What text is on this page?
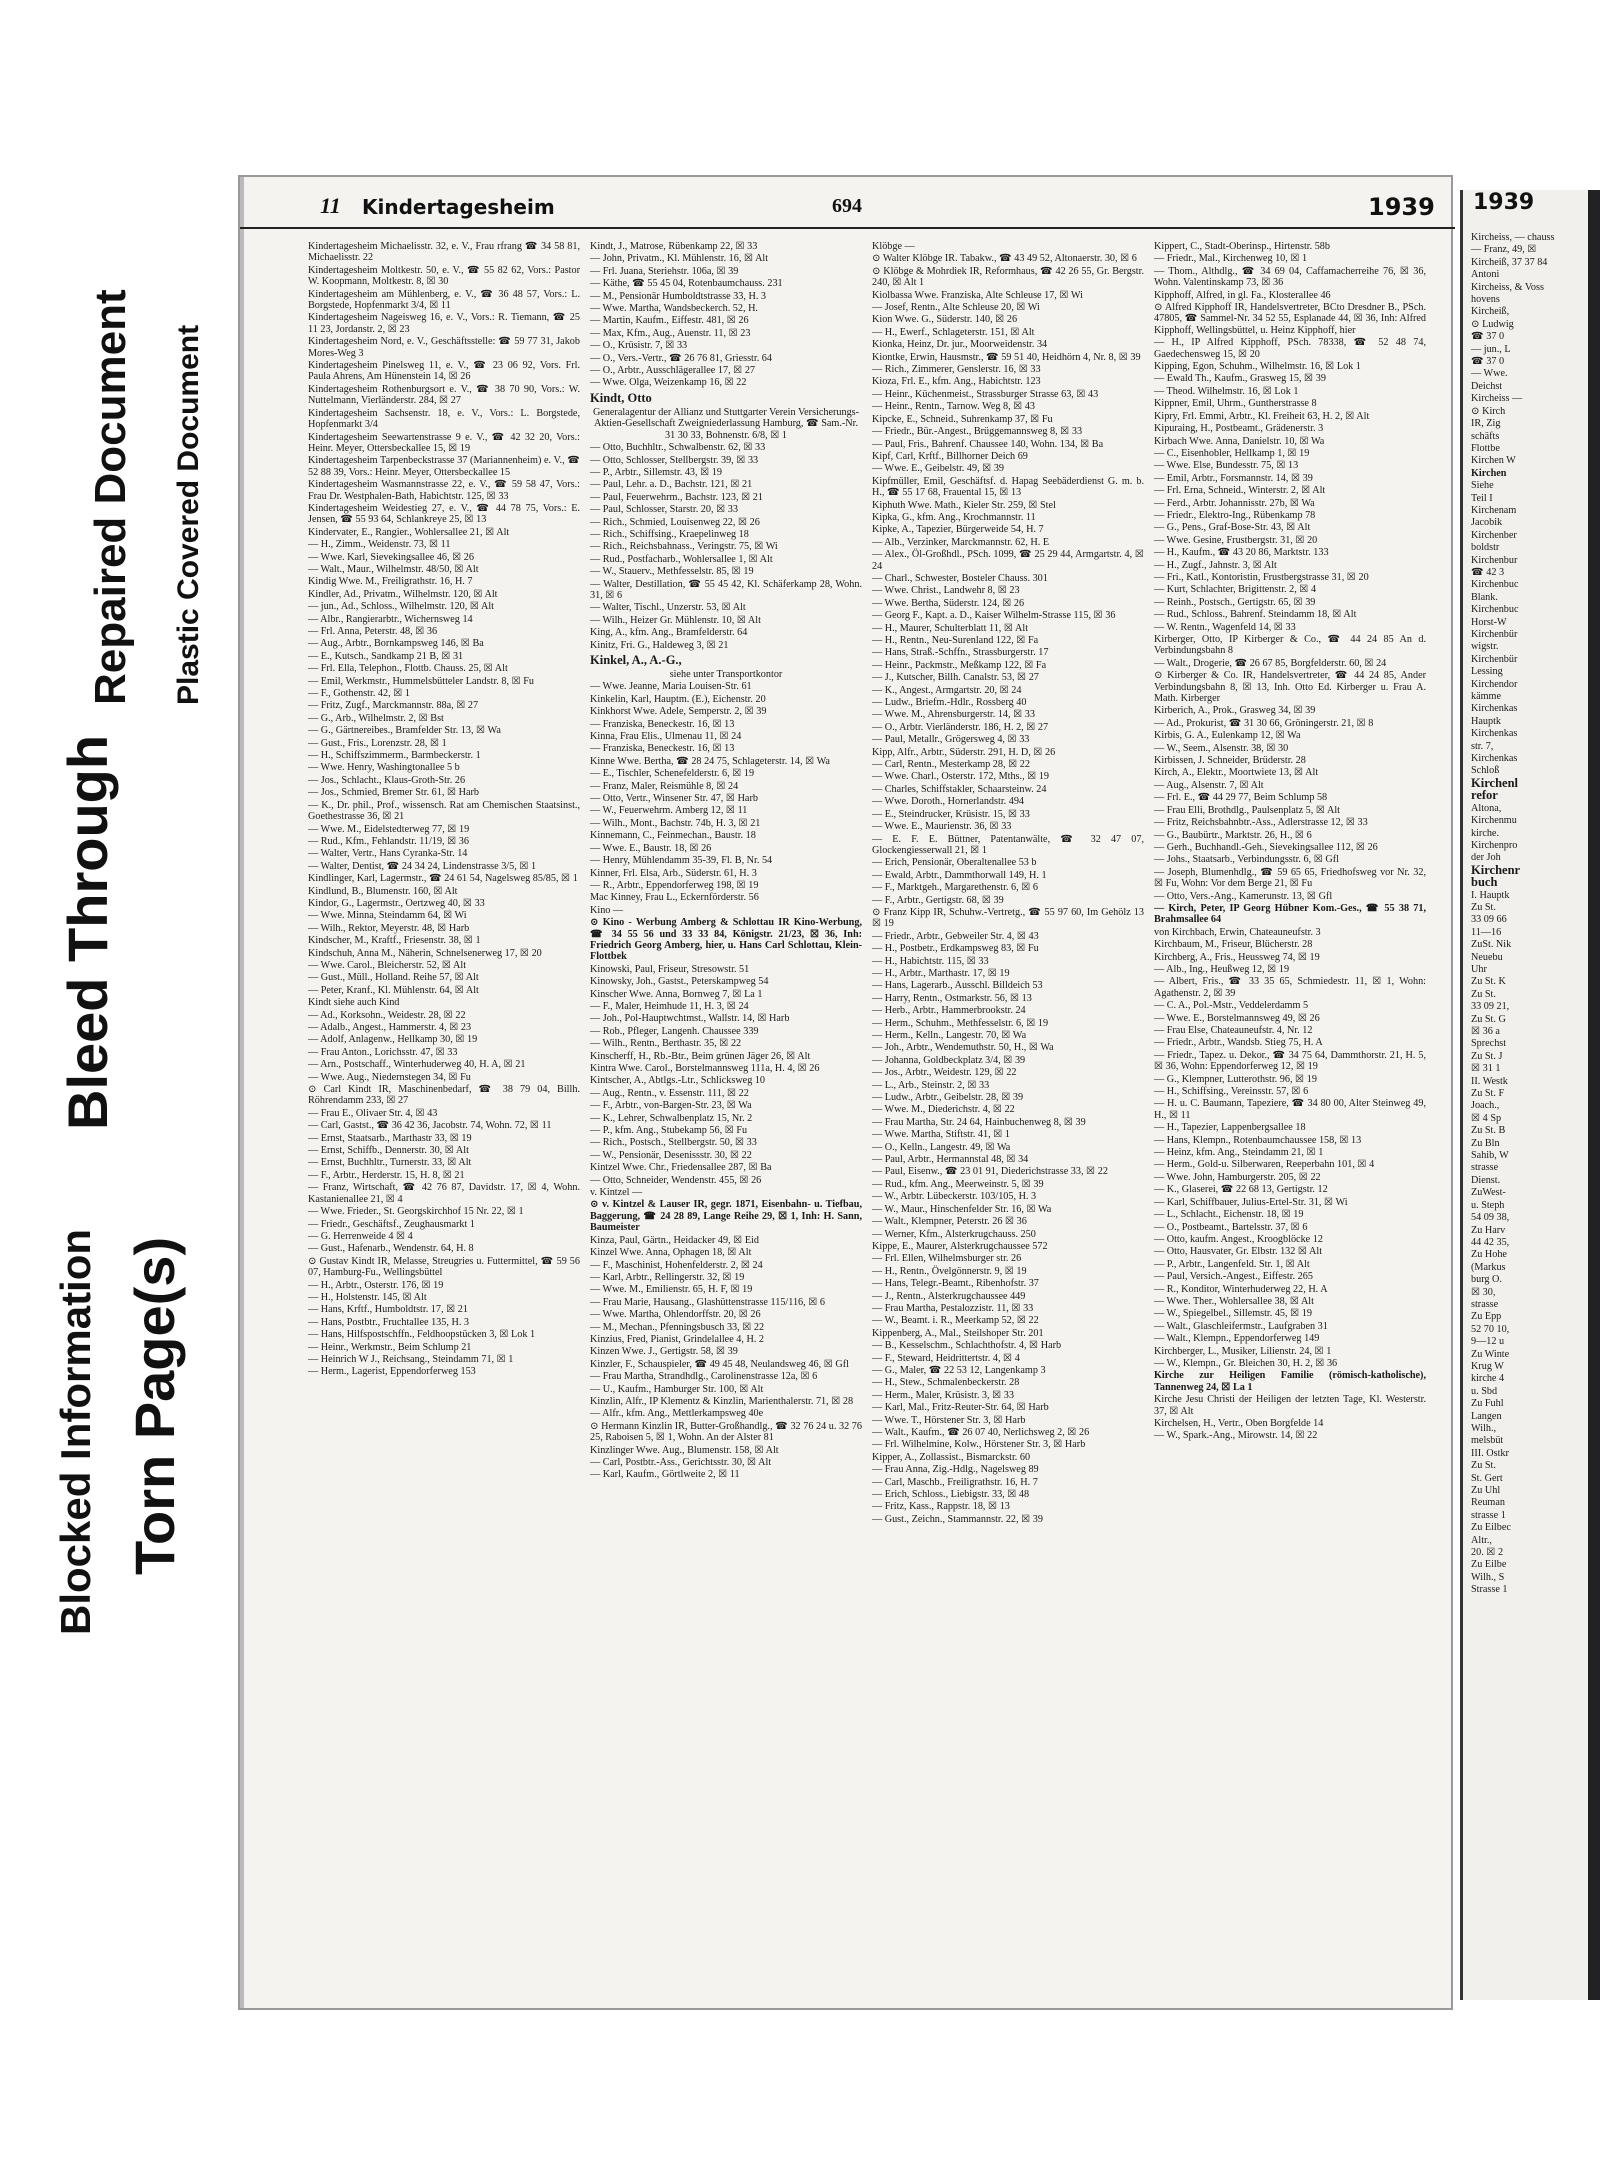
Blocked Information Torn Page(s)
Bleed Through
Repaired Document Plastic Covered Document
11 Kindertagesheim	694	1939

Kindertagesheim Michaelisstr. 32, e. V., Frau rfrang ☎ 34 58 81, Michaelisstr. 22

Kindertagesheim Moltkestr. 50, e. V., ☎ 55 82 62, Vors.: Pastor W. Koopmann, Moltkestr. 8, ☒ 30

Kindertagesheim am Mühlenberg, e. V., ☎ 36 48 57, Vors.: L. Borgstede, Hopfenmarkt 3/4, ☒ 11

Kindertagesheim Nageisweg 16, e. V., Vors.: R. Tiemann, ☎ 25 11 23, Jordanstr. 2, ☒ 23

Kindertagesheim Nord, e. V., Geschäftsstelle: ☎ 59 77 31, Jakob Mores-Weg 3

Kindertagesheim Pinelsweg 11, e. V., ☎ 23 06 92, Vors. Frl. Paula Ahrens, Am Hünenstein 14, ☒ 26

Kindertagesheim Rothenburgsort e. V., ☎ 38 70 90, Vors.: W. Nuttelmann, Vierländerstr. 284, ☒ 27

Kindertagesheim Sachsenstr. 18, e. V., Vors.: L. Borgstede, Hopfenmarkt 3/4

Kindertagesheim Seewartenstrasse 9 e. V., ☎ 42 32 20, Vors.: Heinr. Meyer, Ottersbeckallee 15, ☒ 19

Kindertagesheim Tarpenbeckstrasse 37 (Mariannenheim) e. V., ☎ 52 88 39, Vors.: Heinr. Meyer, Ottersbeckallee 15

Kindertagesheim Wasmannstrasse 22, e. V., ☎ 59 58 47, Vors.: Frau Dr. Westphalen-Bath, Habichtstr. 125, ☒ 33

Kindertagesheim Weidestieg 27, e. V., ☎ 44 78 75, Vors.: E. Jensen, ☎ 55 93 64, Schlankreye 25, ☒ 13

Kindervater, E., Rangier., Wohlersallee 21, ☒ Alt

— H., Zimm., Weidenstr. 73, ☒ 11

— Wwe. Karl, Sievekingsallee 46, ☒ 26

— Walt., Maur., Wilhelmstr. 48/50, ☒ Alt

Kindig Wwe. M., Freiligrathstr. 16, H. 7

Kindler, Ad., Privatm., Wilhelmstr. 120, ☒ Alt

— jun., Ad., Schloss., Wilhelmstr. 120, ☒ Alt

— Albr., Rangierarbtr., Wichernsweg 14

— Frl. Anna, Peterstr. 48, ☒ 36

— Aug., Arbtr., Bornkampsweg 146, ☒ Ba

— E., Kutsch., Sandkamp 21 B, ☒ 31

— Frl. Ella, Telephon., Flottb. Chauss. 25, ☒ Alt

— Emil, Werkmstr., Hummelsbütteler Landstr. 8, ☒ Fu

— F., Gothenstr. 42, ☒ 1

— Fritz, Zugf., Marckmannstr. 88a, ☒ 27

— G., Arb., Wilhelmstr. 2, ☒ Bst

— G., Gärtnereibes., Bramfelder Str. 13, ☒ Wa

— Gust., Fris., Lorenzstr. 28, ☒ 1

— H., Schiffszimmerm., Barmbeckerstr. 1

— Wwe. Henry, Washingtonallee 5 b

— Jos., Schlacht., Klaus-Groth-Str. 26

— Jos., Schmied, Bremer Str. 61, ☒ Harb

— K., Dr. phil., Prof., wissensch. Rat am Chemischen Staatsinst., Goethestrasse 36, ☒ 21

— Wwe. M., Eidelstedterweg 77, ☒ 19

— Rud., Kfm., Fehlandstr. 11/19, ☒ 36

— Walter, Vertr., Hans Cyranka-Str. 14

— Walter, Dentist, ☎ 24 34 24, Lindenstrasse 3/5, ☒ 1

Kindlinger, Karl, Lagermstr., ☎ 24 61 54, Nagelsweg 85/85, ☒ 1

Kindlund, B., Blumenstr. 160, ☒ Alt

Kindor, G., Lagermstr., Oertzweg 40, ☒ 33

— Wwe. Minna, Steindamm 64, ☒ Wi

— Wilh., Rektor, Meyerstr. 48, ☒ Harb

Kindscher, M., Kraftf., Friesenstr. 38, ☒ 1

Kindschuh, Anna M., Näherin, Schnelsenerweg 17, ☒ 20

— Wwe. Carol., Bleicherstr. 52, ☒ Alt

— Gust., Müll., Holland. Reihe 57, ☒ Alt

— Peter, Kranf., Kl. Mühlenstr. 64, ☒ Alt

Kindt siehe auch Kind

— Ad., Korksohn., Weidestr. 28, ☒ 22

— Adalb., Angest., Hammerstr. 4, ☒ 23

— Adolf, Anlagenw., Hellkamp 30, ☒ 19

— Frau Anton., Lorichsstr. 47, ☒ 33

— Arn., Postschaff., Winterhuderweg 40, H. A, ☒ 21

— Wwe. Aug., Niedernstegen 34, ☒ Fu

⊙ Carl Kindt IR, Maschinenbedarf, ☎ 38 79 04, Billh. Röhrendamm 233, ☒ 27

— Frau E., Olivaer Str. 4, ☒ 43

— Carl, Gastst., ☎ 36 42 36, Jacobstr. 74, Wohn. 72, ☒ 11

— Ernst, Staatsarb., Marthastr 33, ☒ 19

— Ernst, Schiffb., Dennerstr. 30, ☒ Alt

— Ernst, Buchhltr., Turnerstr. 33, ☒ Alt

— F., Arbtr., Herderstr. 15, H. 8, ☒ 21

— Franz, Wirtschaft, ☎ 42 76 87, Davidstr. 17, ☒ 4, Wohn. Kastanienallee 21, ☒ 4

— Wwe. Frieder., St. Georgskirchhof 15 Nr. 22, ☒ 1

— Friedr., Geschäftsf., Zeughausmarkt 1

— G. Herrenweide 4 ☒ 4

— Gust., Hafenarb., Wendenstr. 64, H. 8

⊙ Gustav Kindt IR, Melasse, Streugries u. Futtermittel, ☎ 59 56 07, Hamburg-Fu., Wellingsbüttel

— H., Arbtr., Osterstr. 176, ☒ 19

— H., Holstenstr. 145, ☒ Alt

— Hans, Krftf., Humboldtstr. 17, ☒ 21

— Hans, Postbtr., Fruchtallee 135, H. 3

— Hans, Hilfspostschffn., Feldhoopstücken 3, ☒ Lok 1

— Heinr., Werkmstr., Beim Schlump 21

— Heinrich W J., Reichsang., Steindamm 71, ☒ 1

— Herm., Lagerist, Eppendorferweg 153

Kindt, J., Matrose, Rübenkamp 22, ☒ 33

— John, Privatm., Kl. Mühlenstr. 16, ☒ Alt

— Frl. Juana, Steriehstr. 106a, ☒ 39

— Käthe, ☎ 55 45 04, Rotenbaumchauss. 231

— M., Pensionär Humboldtstrasse 33, H. 3

— Wwe. Martha, Wandsbeckerch. 52, H.

— Martin, Kaufm., Eiffestr. 481, ☒ 26

— Max, Kfm., Aug., Auenstr. 11, ☒ 23

— O., Krüsistr. 7, ☒ 33

— O., Vers.-Vertr., ☎ 26 76 81, Griesstr. 64

— O., Arbtr., Ausschlägerallee 17, ☒ 27

— Wwe. Olga, Weizenkamp 16, ☒ 22

Kindt, Otto

Generalagentur der Allianz und Stuttgarter Verein Versicherungs-Aktien-Gesellschaft Zweigniederlassung Hamburg, ☎ Sam.-Nr. 31 30 33, Bohnenstr. 6/8, ☒ 1

— Otto, Buchhltr., Schwalbenstr. 62, ☒ 33

— Otto, Schlosser, Stellbergstr. 39, ☒ 33

— P., Arbtr., Sillemstr. 43, ☒ 19

— Paul, Lehr. a. D., Bachstr. 121, ☒ 21

— Paul, Feuerwehrm., Bachstr. 123, ☒ 21

— Paul, Schlosser, Starstr. 20, ☒ 33

— Rich., Schmied, Louisenweg 22, ☒ 26

— Rich., Schiffsing., Kraepelinweg 18

— Rich., Reichsbahnass., Veringstr. 75, ☒ Wi

— Rud., Postfacharb., Wohlersallee 1, ☒ Alt

— W., Stauerv., Methfesselstr. 85, ☒ 19

— Walter, Destillation, ☎ 55 45 42, Kl. Schäferkamp 28, Wohn. 31, ☒ 6

— Walter, Tischl., Unzerstr. 53, ☒ Alt

— Wilh., Heizer Gr. Mühlenstr. 10, ☒ Alt

King, A., kfm. Ang., Bramfelderstr. 64

Kinitz, Fri. G., Haldeweg 3, ☒ 21

Kinkel, A., A.-G.,

siehe unter Transportkontor

— Wwe. Jeanne, Maria Louisen-Str. 61

Kinkelin, Karl, Hauptm. (E.), Eichenstr. 20

Kinkhorst Wwe. Adele, Semperstr. 2, ☒ 39

— Franziska, Beneckestr. 16, ☒ 13

Kinna, Frau Elis., Ulmenau 11, ☒ 24

— Franziska, Beneckestr. 16, ☒ 13

Kinne Wwe. Bertha, ☎ 28 24 75, Schlageterstr. 14, ☒ Wa

— E., Tischler, Schenefelderstr. 6, ☒ 19

— Franz, Maler, Reismühle 8, ☒ 24

— Otto, Vertr., Winsener Str. 47, ☒ Harb

— W., Feuerwehrm. Amberg 12, ☒ 11

— Wilh., Mont., Bachstr. 74b, H. 3, ☒ 21

Kinnemann, C., Feinmechan., Baustr. 18

— Wwe. E., Baustr. 18, ☒ 26

— Henry, Mühlendamm 35-39, Fl. B, Nr. 54

Kinner, Frl. Elsa, Arb., Süderstr. 61, H. 3

— R., Arbtr., Eppendorferweg 198, ☒ 19

Mac Kinney, Frau L., Eckernförderstr. 56

Kino —

⊙ Kino - Werbung Amberg & Schlottau IR Kino-Werbung, ☎ 34 55 56 und 33 33 84, Königstr. 21/23, ☒ 36, Inh: Friedrich Georg Amberg, hier, u. Hans Carl Schlottau, Klein-Flottbek

Kinowski, Paul, Friseur, Stresowstr. 51

Kinowsky, Joh., Gastst., Peterskampweg 54

Kinscher Wwe. Anna, Bornweg 7, ☒ La 1

— F., Maler, Heimhude 11, H. 3, ☒ 24

— Joh., Pol-Hauptwchtmst., Wallstr. 14, ☒ Harb

— Rob., Pfleger, Langenh. Chaussee 339

— Wilh., Rentn., Berthastr. 35, ☒ 22

Kinscherff, H., Rb.-Btr., Beim grünen Jäger 26, ☒ Alt

Kintra Wwe. Carol., Borstelmannsweg 111a, H. 4, ☒ 26

Kintscher, A., Abtlgs.-Ltr., Schlicksweg 10

— Aug., Rentn., v. Essenstr. 111, ☒ 22

— F., Arbtr., von-Bargen-Str. 23, ☒ Wa

— K., Lehrer, Schwalbenplatz 15, Nr. 2

— P., kfm. Ang., Stubekamp 56, ☒ Fu

— Rich., Postsch., Stellbergstr. 50, ☒ 33

— W., Pensionär, Desenissstr. 30, ☒ 22

Kintzel Wwe. Chr., Friedensallee 287, ☒ Ba

— Otto, Schneider, Wendenstr. 455, ☒ 26

v. Kintzel —

⊙ v. Kintzel & Lauser IR, gegr. 1871, Eisenbahn- u. Tiefbau, Baggerung, ☎ 24 28 89, Lange Reihe 29, ☒ 1, Inh: H. Sann, Baumeister

Kinza, Paul, Gärtn., Heidacker 49, ☒ Eid

Kinzel Wwe. Anna, Ophagen 18, ☒ Alt

— F., Maschinist, Hohenfelderstr. 2, ☒ 24

— Karl, Arbtr., Rellingerstr. 32, ☒ 19

— Wwe. M., Emilienstr. 65, H. F, ☒ 19

— Frau Marie, Hausang., Glashüttenstrasse 115/116, ☒ 6

— Wwe. Martha, Ohlendorffstr. 20, ☒ 26

— M., Mechan., Pfenningsbusch 33, ☒ 22

Kinzius, Fred, Pianist, Grindelallee 4, H. 2

Kinzen Wwe. J., Gertigstr. 58, ☒ 39

Kinzler, F., Schauspieler, ☎ 49 45 48, Neulandsweg 46, ☒ Gfl

— Frau Martha, Strandhdlg., Carolinenstrasse 12a, ☒ 6

— U., Kaufm., Hamburger Str. 100, ☒ Alt

Kinzlin, Alfr., IP Klementz & Kinzlin, Marienthalerstr. 71, ☒ 28

— Alfr., kfm. Ang., Mettlerkampsweg 40e

⊙ Hermann Kinzlin IR, Butter-Großhandlg., ☎ 32 76 24 u. 32 76 25, Raboisen 5, ☒ 1, Wohn. An der Alster 81

Kinzlinger Wwe. Aug., Blumenstr. 158, ☒ Alt

— Carl, Postbtr.-Ass., Gerichtsstr. 30, ☒ Alt

— Karl, Kaufm., Görtlweite 2, ☒ 11

Klöbge —

⊙ Walter Klöbge IR. Tabakw., ☎ 43 49 52, Altonaerstr. 30, ☒ 6

⊙ Klöbge & Mohrdiek IR, Reformhaus, ☎ 42 26 55, Gr. Bergstr. 240, ☒ Alt 1

Kiolbassa Wwe. Franziska, Alte Schleuse 17, ☒ Wi

— Josef, Rentn., Alte Schleuse 20, ☒ Wi

Kion Wwe. G., Süderstr. 140, ☒ 26

— H., Ewerf., Schlageterstr. 151, ☒ Alt

Kionka, Heinz, Dr. jur., Moorweidenstr. 34

Kiontke, Erwin, Hausmstr., ☎ 59 51 40, Heidhörn 4, Nr. 8, ☒ 39

— Rich., Zimmerer, Genslerstr. 16, ☒ 33

Kioza, Frl. E., kfm. Ang., Habichtstr. 123

— Heinr., Küchenmeist., Strassburger Strasse 63, ☒ 43

— Heinr., Rentn., Tarnow. Weg 8, ☒ 43

Kipcke, E., Schneid., Suhrenkamp 37, ☒ Fu

— Friedr., Bür.-Angest., Brüggemannsweg 8, ☒ 33

— Paul, Fris., Bahrenf. Chaussee 140, Wohn. 134, ☒ Ba

Kipf, Carl, Krftf., Billhorner Deich 69

— Wwe. E., Geibelstr. 49, ☒ 39

Kipfmüller, Emil, Geschäftsf. d. Hapag Seebäderdienst G. m. b. H., ☎ 55 17 68, Frauental 15, ☒ 13

Kiphuth Wwe. Math., Kieler Str. 259, ☒ Stel

Kipka, G., kfm. Ang., Krochmannstr. 11

Kipke, A., Tapezier, Bürgerweide 54, H. 7

— Alb., Verzinker, Marckmannstr. 62, H. E

— Alex., Öl-Großhdl., PSch. 1099, ☎ 25 29 44, Armgartstr. 4, ☒ 24

— Charl., Schwester, Bosteler Chauss. 301

— Wwe. Christ., Landwehr 8, ☒ 23

— Wwe. Bertha, Süderstr. 124, ☒ 26

— Georg F., Kapt. a. D., Kaiser Wilhelm-Strasse 115, ☒ 36

— H., Maurer, Schulterblatt 11, ☒ Alt

— H., Rentn., Neu-Surenland 122, ☒ Fa

— Hans, Straß.-Schffn., Strassburgerstr. 17

— Heinr., Packmstr., Meßkamp 122, ☒ Fa

— J., Kutscher, Billh. Canalstr. 53, ☒ 27

— K., Angest., Armgartstr. 20, ☒ 24

— Ludw., Briefm.-Hdlr., Rossberg 40

— Wwe. M., Ahrensburgerstr. 14, ☒ 33

— O., Arbtr. Vierländerstr. 186, H. 2, ☒ 27

— Paul, Metallr., Grögersweg 4, ☒ 33

Kipp, Alfr., Arbtr., Süderstr. 291, H. D, ☒ 26

— Carl, Rentn., Mesterkamp 28, ☒ 22

— Wwe. Charl., Osterstr. 172, Mths., ☒ 19

— Charles, Schiffstakler, Schaarsteinw. 24

— Wwe. Doroth., Hornerlandstr. 494

— E., Steindrucker, Krüsistr. 15, ☒ 33

— Wwe. E., Maurienstr. 36, ☒ 33

— E. F. E. Büttner, Patentanwälte, ☎ 32 47 07, Glockengiesserwall 21, ☒ 1

— Erich, Pensionär, Oberaltenallee 53 b

— Ewald, Arbtr., Dammthorwall 149, H. 1

— F., Marktgeh., Margarethenstr. 6, ☒ 6

— F., Arbtr., Gertigstr. 68, ☒ 39

⊙ Franz Kipp IR, Schuhw.-Vertretg., ☎ 55 97 60, Im Gehölz 13 ☒ 19

— Friedr., Arbtr., Gebweiler Str. 4, ☒ 43

— H., Postbetr., Erdkampsweg 83, ☒ Fu

— H., Habichtstr. 115, ☒ 33

— H., Arbtr., Marthastr. 17, ☒ 19

— Hans, Lagerarb., Ausschl. Billdeich 53

— Harry, Rentn., Ostmarkstr. 56, ☒ 13

— Herb., Arbtr., Hammerbrookstr. 24

— Herm., Schuhm., Methfesselstr. 6, ☒ 19

— Herm., Kelln., Langestr. 70, ☒ Wa

— Joh., Arbtr., Wendemuthstr. 50, H., ☒ Wa

— Johanna, Goldbeckplatz 3/4, ☒ 39

— Jos., Arbtr., Weidestr. 129, ☒ 22

— L., Arb., Steinstr. 2, ☒ 33

— Ludw., Arbtr., Geibelstr. 28, ☒ 39

— Wwe. M., Diederichstr. 4, ☒ 22

— Frau Martha, Str. 24 64, Hainbuchenweg 8, ☒ 39

— Wwe. Martha, Stiftstr. 41, ☒ 1

— O., Kelln., Langestr. 49, ☒ Wa

— Paul, Arbtr., Hermannstal 48, ☒ 34

— Paul, Eisenw., ☎ 23 01 91, Diederichstrasse 33, ☒ 22

— Rud., kfm. Ang., Meerweinstr. 5, ☒ 39

— W., Arbtr. Lübeckerstr. 103/105, H. 3

— W., Maur., Hinschenfelder Str. 16, ☒ Wa

— Walt., Klempner, Peterstr. 26 ☒ 36

— Werner, Kfm., Alsterkrugchauss. 250

Kippe, E., Maurer, Alsterkrugchaussee 572

— Frl. Ellen, Wilhelmsburger str. 26

— H., Rentn., Övelgönnerstr. 9, ☒ 19

— Hans, Telegr.-Beamt., Ribenhofstr. 37

— J., Rentn., Alsterkrugchaussee 449

— Frau Martha, Pestalozzistr. 11, ☒ 33

— W., Beamt. i. R., Meerkamp 52, ☒ 22

Kippenberg, A., Mal., Steilshoper Str. 201

— B., Kesselschm., Schlachthofstr. 4, ☒ Harb

— F., Steward, Heidrittertstr. 4, ☒ 4

— G., Maler, ☎ 22 53 12, Langenkamp 3

— H., Stew., Schmalenbeckerstr. 28

— Herm., Maler, Krüsistr. 3, ☒ 33

— Karl, Mal., Fritz-Reuter-Str. 64, ☒ Harb

— Wwe. T., Hörstener Str. 3, ☒ Harb

— Walt., Kaufm., ☎ 26 07 40, Nerlichsweg 2, ☒ 26

— Frl. Wilhelmine, Kolw., Hörstener Str. 3, ☒ Harb

Kipper, A., Zollassist., Bismarckstr. 60

— Frau Anna, Zig.-Hdlg., Nagelsweg 89

— Carl, Maschb., Freiligrathstr. 16, H. 7

— Erich, Schloss., Liebigstr. 33, ☒ 48

— Fritz, Kass., Rappstr. 18, ☒ 13

— Gust., Zeichn., Stammannstr. 22, ☒ 39

Kippert, C., Stadt-Oberinsp., Hirtenstr. 58b

— Friedr., Mal., Kirchenweg 10, ☒ 1

— Thom., Althdlg., ☎ 34 69 04, Caffamacherreihe 76, ☒ 36, Wohn. Valentinskamp 73, ☒ 36

Kipphoff, Alfred, in gl. Fa., Klosterallee 46

⊙ Alfred Kipphoff IR, Handelsvertreter, BCto Dresdner B., PSch. 47805, ☎ Sammel-Nr. 34 52 55, Esplanade 44, ☒ 36, Inh: Alfred Kipphoff, Wellingsbüttel, u. Heinz Kipphoff, hier

— H., IP Alfred Kipphoff, PSch. 78338, ☎ 52 48 74, Gaedechensweg 15, ☒ 20

Kipping, Egon, Schuhm., Wilhelmstr. 16, ☒ Lok 1

— Ewald Th., Kaufm., Grasweg 15, ☒ 39

— Theod. Wilhelmstr. 16, ☒ Lok 1

Kippner, Emil, Uhrm., Guntherstrasse 8

Kipry, Frl. Emmi, Arbtr., Kl. Freiheit 63, H. 2, ☒ Alt

Kipuraing, H., Postbeamt., Grädenerstr. 3

Kirbach Wwe. Anna, Danielstr. 10, ☒ Wa

— C., Eisenhobler, Hellkamp 1, ☒ 19

— Wwe. Else, Bundesstr. 75, ☒ 13

— Emil, Arbtr., Forsmannstr. 14, ☒ 39

— Frl. Erna, Schneid., Winterstr. 2, ☒ Alt

— Ferd., Arbtr. Johannisstr. 27b, ☒ Wa

— Friedr., Elektro-Ing., Rübenkamp 78

— G., Pens., Graf-Bose-Str. 43, ☒ Alt

— Wwe. Gesine, Frustbergstr. 31, ☒ 20

— H., Kaufm., ☎ 43 20 86, Marktstr. 133

— H., Zugf., Jahnstr. 3, ☒ Alt

— Fri., Katl., Kontoristin, Frustbergstrasse 31, ☒ 20

— Kurt, Schlachter, Brigittenstr. 2, ☒ 4

— Reinh., Postsch., Gertigstr. 65, ☒ 39

— Rud., Schloss., Bahrenf. Steindamm 18, ☒ Alt

— W. Rentn., Wagenfeld 14, ☒ 33

Kirberger, Otto, IP Kirberger & Co., ☎ 44 24 85 An d. Verbindungsbahn 8

— Walt., Drogerie, ☎ 26 67 85, Borgfelderstr. 60, ☒ 24

⊙ Kirberger & Co. IR, Handelsvertreter, ☎ 44 24 85, Ander Verbindungsbahn 8, ☒ 13, Inh. Otto Ed. Kirberger u. Frau A. Math. Kirberger

Kirberich, A., Prok., Grasweg 34, ☒ 39

— Ad., Prokurist, ☎ 31 30 66, Gröningerstr. 21, ☒ 8

Kirbis, G. A., Eulenkamp 12, ☒ Wa

— W., Seem., Alsenstr. 38, ☒ 30

Kirbissen, J. Schneider, Brüderstr. 28

Kirch, A., Elektr., Moortwiete 13, ☒ Alt

— Aug., Alsenstr. 7, ☒ Alt

— Frl. E., ☎ 44 29 77, Beim Schlump 58

— Frau Elli, Brothdlg., Paulsenplatz 5, ☒ Alt

— Fritz, Reichsbahnbtr.-Ass., Adlerstrasse 12, ☒ 33

— G., Baubürtr., Marktstr. 26, H., ☒ 6

— Gerh., Buchhandl.-Geh., Sievekingsallee 112, ☒ 26

— Johs., Staatsarb., Verbindungsstr. 6, ☒ Gfl

— Joseph, Blumenhdlg., ☎ 59 65 65, Friedhofsweg vor Nr. 32, ☒ Fu, Wohn: Vor dem Berge 21, ☒ Fu

— Otto, Vers.-Ang., Kamerunstr. 13, ☒ Gfl

— Kirch, Peter, IP Georg Hübner Kom.-Ges., ☎ 55 38 71, Brahmsallee 64

von Kirchbach, Erwin, Chateauneufstr. 3

Kirchbaum, M., Friseur, Blücherstr. 28

Kirchberg, A., Fris., Heussweg 74, ☒ 19

— Alb., Ing., Heußweg 12, ☒ 19

— Albert, Fris., ☎ 33 35 65, Schmiedestr. 11, ☒ 1, Wohn: Agathenstr. 2, ☒ 39

— C. A., Pol.-Mstr., Veddelerdamm 5

— Wwe. E., Borstelmannsweg 49, ☒ 26

— Frau Else, Chateauneufstr. 4, Nr. 12

— Friedr., Arbtr., Wandsb. Stieg 75, H. A

— Friedr., Tapez. u. Dekor., ☎ 34 75 64, Dammthorstr. 21, H. 5, ☒ 36, Wohn: Eppendorferweg 12, ☒ 19

— G., Klempner, Lutterothstr. 96, ☒ 19

— H., Schiffsing., Vereinsstr. 57, ☒ 6

— H. u. C. Baumann, Tapeziere, ☎ 34 80 00, Alter Steinweg 49, H., ☒ 11

— H., Tapezier, Lappenbergsallee 18

— Hans, Klempn., Rotenbaumchaussee 158, ☒ 13

— Heinz, kfm. Ang., Steindamm 21, ☒ 1

— Herm., Gold-u. Silberwaren, Reeperbahn 101, ☒ 4

— Wwe. John, Hamburgerstr. 205, ☒ 22

— K., Glaserei, ☎ 22 68 13, Gertigstr. 12

— Karl, Schiffbauer, Julius-Ertel-Str. 31, ☒ Wi

— L., Schlacht., Eichenstr. 18, ☒ 19

— O., Postbeamt., Bartelsstr. 37, ☒ 6

— Otto, kaufm. Angest., Kroogblöcke 12

— Otto, Hausvater, Gr. Elbstr. 132 ☒ Alt

— P., Arbtr., Langenfeld. Str. 1, ☒ Alt

— Paul, Versich.-Angest., Eiffestr. 265

— R., Konditor, Winterhuderweg 22, H. A

— Wwe. Ther., Wohlersallee 38, ☒ Alt

— W., Spiegelbel., Sillemstr. 45, ☒ 19

— Walt., Glaschleifermstr., Laufgraben 31

— Walt., Klempn., Eppendorferweg 149

Kirchberger, L., Musiker, Lilienstr. 24, ☒ 1

— W., Klempn., Gr. Bleichen 30, H. 2, ☒ 36

Kirche zur Heiligen Familie (römisch-katholische), Tannenweg 24, ☒ La 1

Kirche Jesu Christi der Heiligen der letzten Tage, Kl. Westerstr. 37, ☒ Alt

Kirchelsen, H., Vertr., Oben Borgfelde 14

— W., Spark.-Ang., Mirowstr. 14, ☒ 22

1939

Kircheiss, — chauss

— Franz, 49, ☒

Kircheiß, 37 37 84

Antoni

Kircheiss, & Voss

hovens

Kircheiß,

⊙ Ludwig

☎ 37 0

— jun., L

☎ 37 0

— Wwe.

Deichst

Kircheiss —

⊙ Kirch

IR, Zig

schäfts

Flottbe

Kirchen W

Kirchen

Siehe

Teil I

Kirchenam

Jacobik

Kirchenber

boldstr

Kirchenbur

☎ 42 3

Kirchenbuc

Blank.

Kirchenbuc

Horst-W

Kirchenbür

wigstr.

Kirchenbür

Lessing

Kirchendor

kämme

Kirchenkas

Hauptk

Kirchenkas

str. 7,

Kirchenkas

Schloß

Kirchenl

refor

Altona,

Kirchenmu

kirche.

Kirchenpro

der Joh

Kirchenr

buch

I. Hauptk

Zu St.

33 09 66

11—16

ZuSt. Nik

Neuebu

Uhr

Zu St. K

Zu St.

33 09 21,

Zu St. G

☒ 36 a

Sprechst

Zu St. J

☒ 31 1

II. Westk

Zu St. F

Joach.,

☒ 4 Sp

Zu St. B

Zu Bln

Sahib, W

strasse

Dienst.

ZuWest-

u. Steph

54 09 38,

Zu Harv

44 42 35,

Zu Hohe

(Markus

burg O.

☒ 30,

strasse

Zu Epp

52 70 10,

9—12 u

Zu Winte

Krug W

kirche 4

u. Sbd

Zu Fuhl

Langen

Wilh.,

melsbüt

III. Ostkr

Zu St.

St. Gert

Zu Uhl

Reuman

strasse 1

Zu Eilbec

Altr.,

20. ☒ 2

Zu Eilbe

Wilh., S

Strasse 1
